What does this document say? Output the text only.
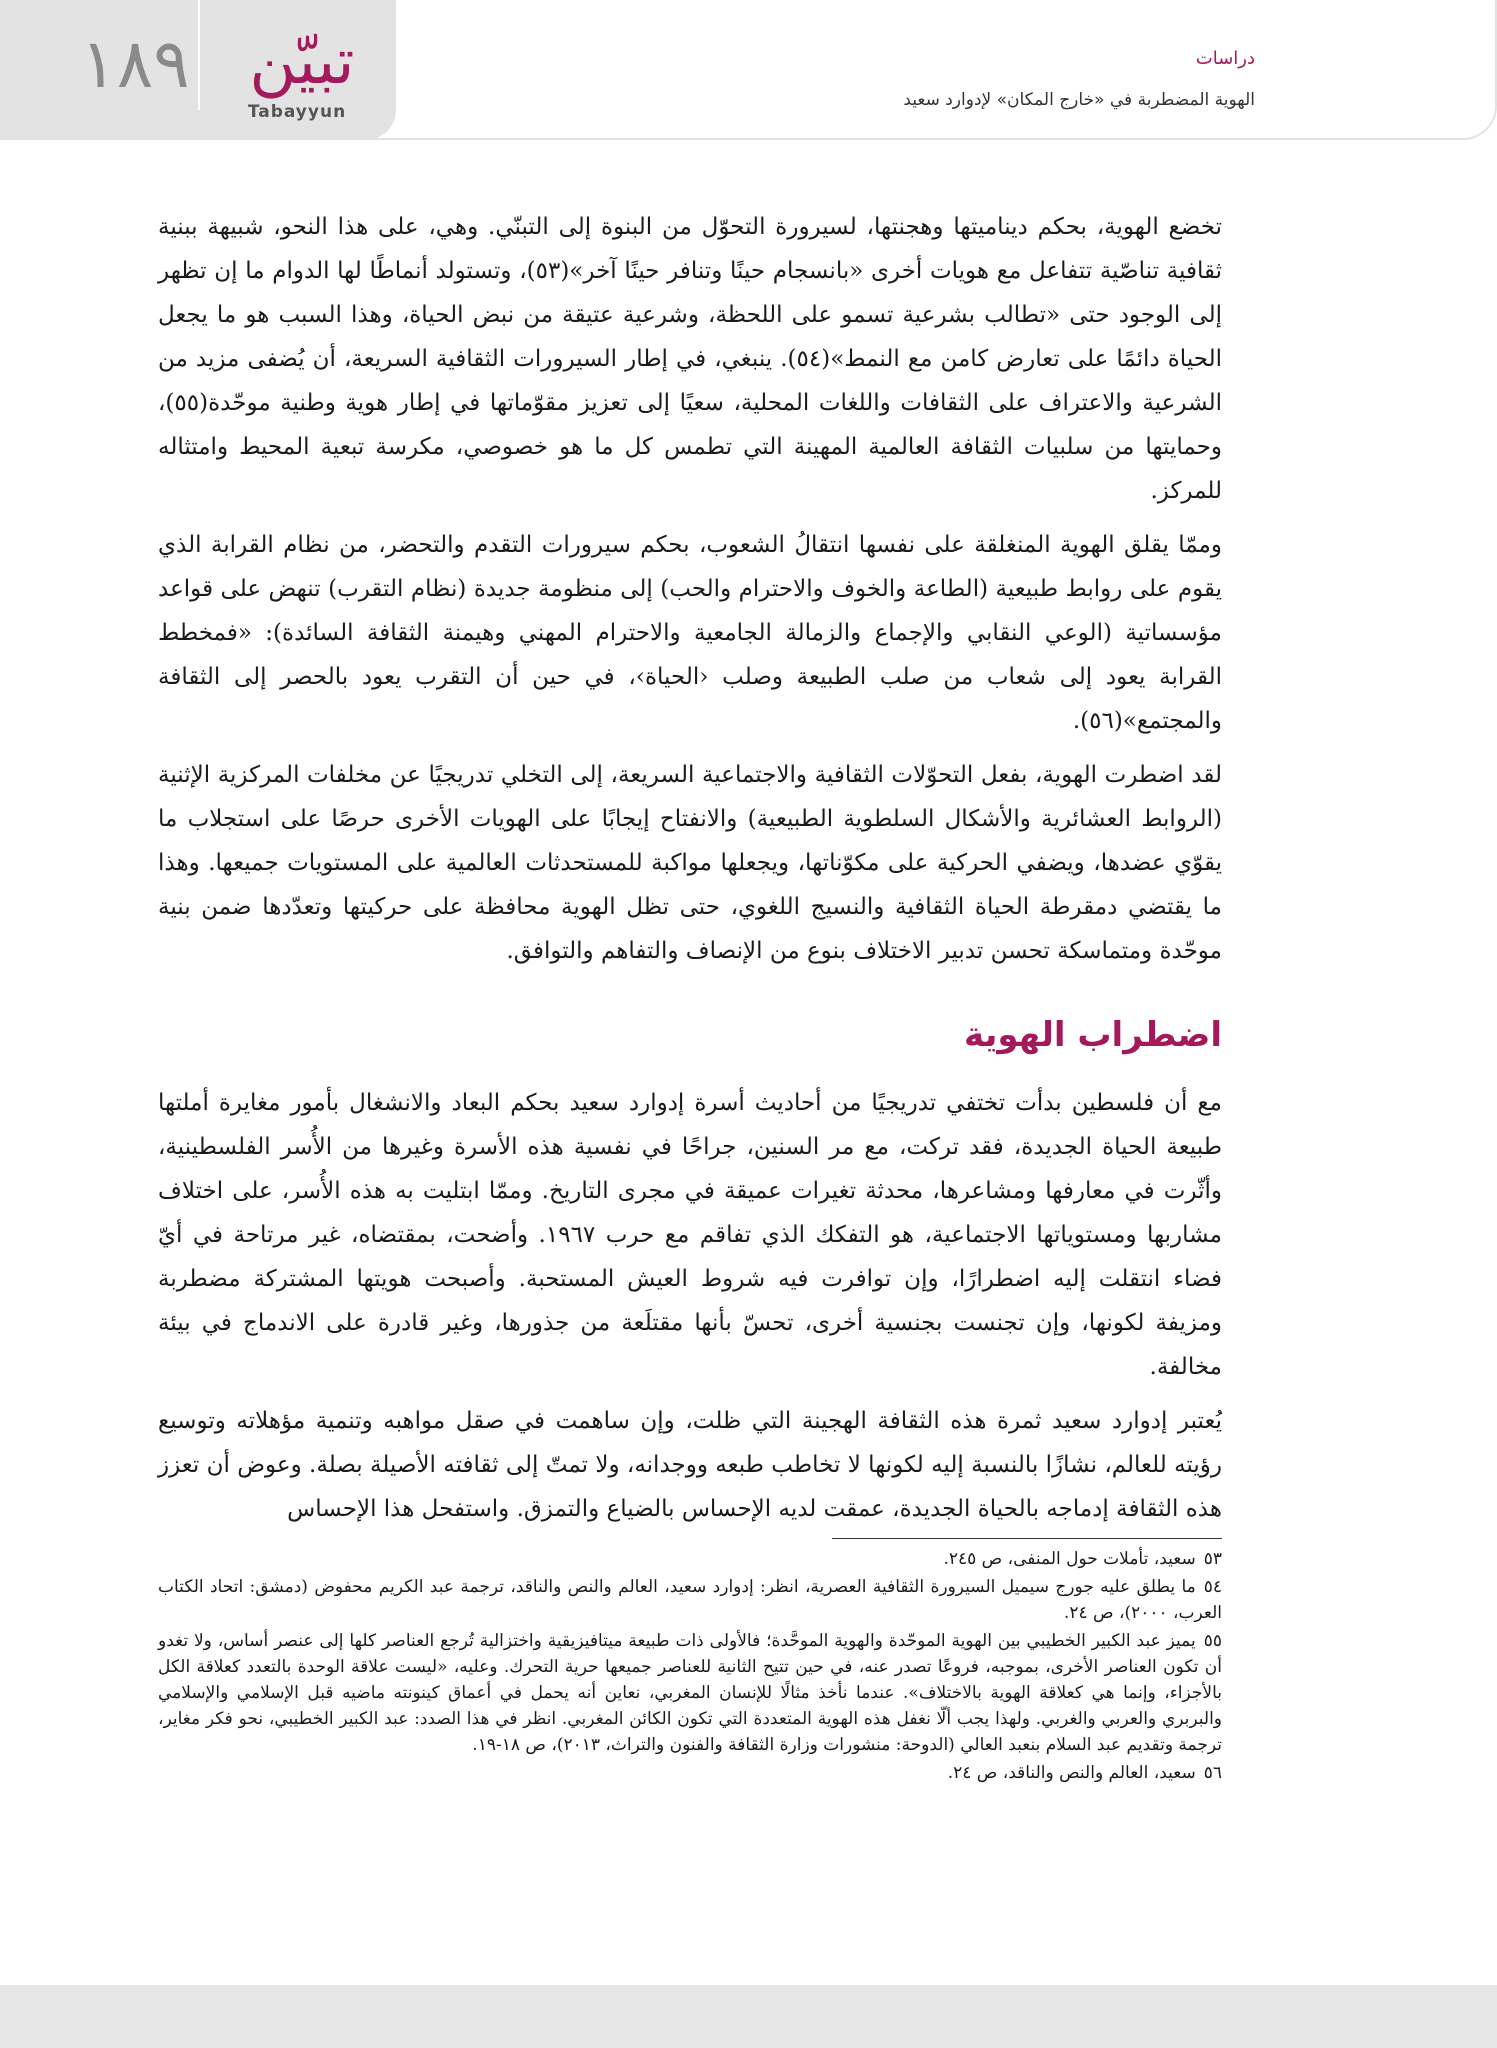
١٨٩ تبيّن
Tabayyun
دراسات
الهوية المضطربة في «خارج المكان» لإدوارد سعيد

تخضع الهوية، بحكم ديناميتها وهجنتها، لسيرورة التحوّل من البنوة إلى التبنّي. وهي، على هذا النحو، شبيهة ببنية ثقافية تناصّية تتفاعل مع هويات أخرى «بانسجام حينًا وتنافر حينًا آخر»(٥٣)، وتستولد أنماطًا لها الدوام ما إن تظهر إلى الوجود حتى «تطالب بشرعية تسمو على اللحظة، وشرعية عتيقة من نبض الحياة، وهذا السبب هو ما يجعل الحياة دائمًا على تعارض كامن مع النمط»(٥٤). ينبغي، في إطار السيرورات الثقافية السريعة، أن يُضفى مزيد من الشرعية والاعتراف على الثقافات واللغات المحلية، سعيًا إلى تعزيز مقوّماتها في إطار هوية وطنية موحّدة(٥٥)، وحمايتها من سلبيات الثقافة العالمية المهينة التي تطمس كل ما هو خصوصي، مكرسة تبعية المحيط وامتثاله للمركز.

وممّا يقلق الهوية المنغلقة على نفسها انتقالُ الشعوب، بحكم سيرورات التقدم والتحضر، من نظام القرابة الذي يقوم على روابط طبيعية (الطاعة والخوف والاحترام والحب) إلى منظومة جديدة (نظام التقرب) تنهض على قواعد مؤسساتية (الوعي النقابي والإجماع والزمالة الجامعية والاحترام المهني وهيمنة الثقافة السائدة): «فمخطط القرابة يعود إلى شعاب من صلب الطبيعة وصلب ‹الحياة›، في حين أن التقرب يعود بالحصر إلى الثقافة والمجتمع»(٥٦).

لقد اضطرت الهوية، بفعل التحوّلات الثقافية والاجتماعية السريعة، إلى التخلي تدريجيًا عن مخلفات المركزية الإثنية (الروابط العشائرية والأشكال السلطوية الطبيعية) والانفتاح إيجابًا على الهويات الأخرى حرصًا على استجلاب ما يقوّي عضدها، ويضفي الحركية على مكوّناتها، ويجعلها مواكبة للمستحدثات العالمية على المستويات جميعها. وهذا ما يقتضي دمقرطة الحياة الثقافية والنسيج اللغوي، حتى تظل الهوية محافظة على حركيتها وتعدّدها ضمن بنية موحّدة ومتماسكة تحسن تدبير الاختلاف بنوع من الإنصاف والتفاهم والتوافق.

اضطراب الهوية

مع أن فلسطين بدأت تختفي تدريجيًا من أحاديث أسرة إدوارد سعيد بحكم البعاد والانشغال بأمور مغايرة أملتها طبيعة الحياة الجديدة، فقد تركت، مع مر السنين، جراحًا في نفسية هذه الأسرة وغيرها من الأُسر الفلسطينية، وأثّرت في معارفها ومشاعرها، محدثة تغيرات عميقة في مجرى التاريخ. وممّا ابتليت به هذه الأُسر، على اختلاف مشاربها ومستوياتها الاجتماعية، هو التفكك الذي تفاقم مع حرب ١٩٦٧. وأضحت، بمقتضاه، غير مرتاحة في أيّ فضاء انتقلت إليه اضطرارًا، وإن توافرت فيه شروط العيش المستحبة. وأصبحت هويتها المشتركة مضطربة ومزيفة لكونها، وإن تجنست بجنسية أخرى، تحسّ بأنها مقتلَعة من جذورها، وغير قادرة على الاندماج في بيئة مخالفة.

يُعتبر إدوارد سعيد ثمرة هذه الثقافة الهجينة التي ظلت، وإن ساهمت في صقل مواهبه وتنمية مؤهلاته وتوسيع رؤيته للعالم، نشازًا بالنسبة إليه لكونها لا تخاطب طبعه ووجدانه، ولا تمتّ إلى ثقافته الأصيلة بصلة. وعوض أن تعزز هذه الثقافة إدماجه بالحياة الجديدة، عمقت لديه الإحساس بالضياع والتمزق. واستفحل هذا الإحساس

٥٣سعيد، تأملات حول المنفى، ص ٢٤٥.

٥٤ما يطلق عليه جورج سيميل السيرورة الثقافية العصرية، انظر: إدوارد سعيد، العالم والنص والناقد، ترجمة عبد الكريم محفوض (دمشق: اتحاد الكتاب العرب، ٢٠٠٠)، ص ٢٤.

٥٥يميز عبد الكبير الخطيبي بين الهوية الموحّدة والهوية الموحَّدة؛ فالأولى ذات طبيعة ميتافيزيقية واختزالية تُرجع العناصر كلها إلى عنصر أساس، ولا تغدو أن تكون العناصر الأخرى، بموجبه، فروعًا تصدر عنه، في حين تتيح الثانية للعناصر جميعها حرية التحرك. وعليه، «ليست علاقة الوحدة بالتعدد كعلاقة الكل بالأجزاء، وإنما هي كعلاقة الهوية بالاختلاف». عندما نأخذ مثالًا للإنسان المغربي، نعاين أنه يحمل في أعماق كينونته ماضيه قبل الإسلامي والإسلامي والبربري والعربي والغربي. ولهذا يجب ألّا نغفل هذه الهوية المتعددة التي تكون الكائن المغربي. انظر في هذا الصدد: عبد الكبير الخطيبي، نحو فكر مغاير، ترجمة وتقديم عبد السلام بنعبد العالي (الدوحة: منشورات وزارة الثقافة والفنون والتراث، ٢٠١٣)، ص ١٨-١٩.

٥٦سعيد، العالم والنص والناقد، ص ٢٤.
